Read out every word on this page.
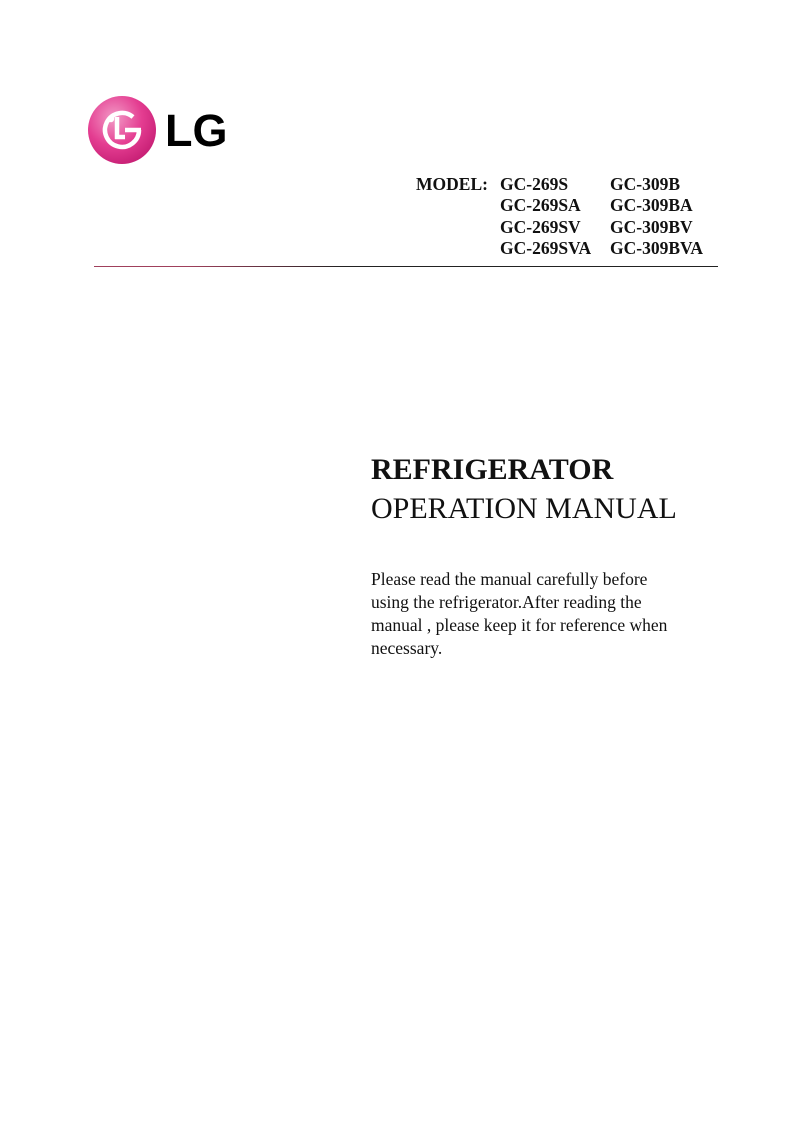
LG
MODEL: GC-269S GC-309B
GC-269SA GC-309BA
GC-269SV GC-309BV
GC-269SVA GC-309BVA
REFRIGERATOR
OPERATION MANUAL
Please read the manual carefully before
using the refrigerator.After reading the
manual , please keep it for reference when
necessary.
